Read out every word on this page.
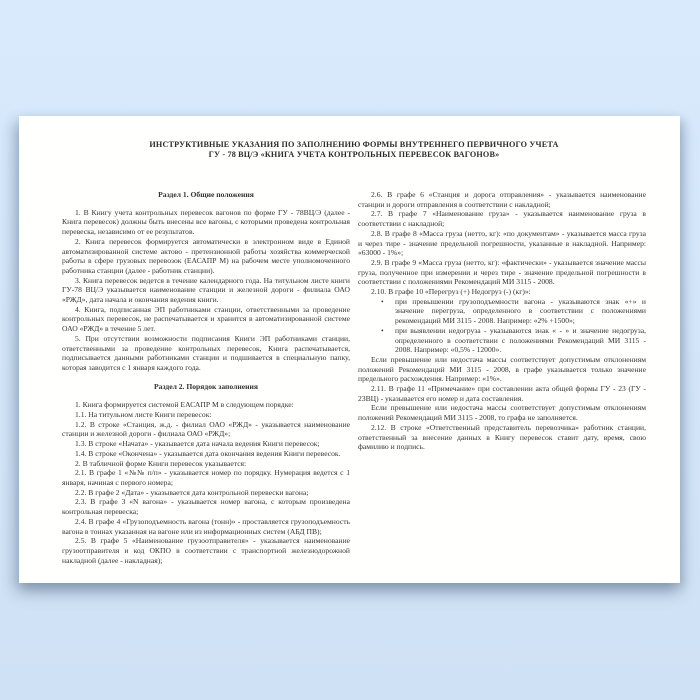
ИНСТРУКТИВНЫЕ УКАЗАНИЯ ПО ЗАПОЛНЕНИЮ ФОРМЫ ВНУТРЕННЕГО ПЕРВИЧНОГО УЧЕТА
ГУ - 78 ВЦ/Э «КНИГА УЧЕТА КОНТРОЛЬНЫХ ПЕРЕВЕСОК ВАГОНОВ»

Раздел 1. Общие положения

1. В Книгу учета контрольных перевесок вагонов по форме ГУ - 78ВЦ/Э (далее - Книга перевесок) должны быть внесены все вагоны, с которыми проведена контрольная перевеска, независимо от ее результатов.

2. Книга перевесок формируется автоматически в электронном виде в Единой автоматизированной системе актово - претензионной работы хозяйства коммерческой работы в сфере грузовых перевозок (ЕАСАПР М) на рабочем месте уполномоченного работника станции (далее - работник станции).

3. Книга перевесок ведется в течение календарного года. На титульном листе книги ГУ-78 ВЦ/Э указывается наименование станции и железной дороги - филиала ОАО «РЖД», дата начала и окончания ведения книги.

4. Книга, подписанная ЭП работниками станции, ответственными за проведение контрольных перевесок, не распечатывается и хранится в автоматизированной системе ОАО «РЖД» в течение 5 лет.

5. При отсутствии возможности подписания Книги ЭП работниками станции, ответственными за проведение контрольных перевесок, Книга распечатывается, подписывается данными работниками станции и подшивается в специальную папку, которая заводится с 1 января каждого года.

Раздел 2. Порядок заполнения

1. Книга формируется системой ЕАСАПР М в следующем порядке:

1.1. На титульном листе Книги перевесок:

1.2. В строке «Станция, ж.д. - филиал ОАО «РЖД» - указывается наименование станции и железной дороги - филиала ОАО «РЖД»;

1.3. В строке «Начата» - указывается дата начала ведения Книги перевесок;

1.4. В строке «Окончена» - указывается дата окончания ведения Книги перевесок.

2. В табличной форме Книги перевесок указывается:

2.1. В графе 1 «№№ п/п» - указывается номер по порядку. Нумерация ведется с 1 января, начиная с первого номера;

2.2. В графе 2 «Дата» - указывается дата контрольной перевески вагона;

2.3. В графе 3 «N вагона» - указывается номер вагона, с которым произведена контрольная перевеска;

2.4. В графе 4 «Грузоподъемность вагона (тонн)» - проставляется грузоподъемность вагона в тоннах указанная на вагоне или из информационных систем (АБД ПВ);

2.5. В графе 5 «Наименование грузоотправителя» - указывается наименование грузоотправителя и код ОКПО в соответствии с транспортной железнодорожной накладной (далее - накладная);

2.6. В графе 6 «Станция и дорога отправления» - указывается наименование станции и дороги отправления в соответствии с накладной;

2.7. В графе 7 «Наименование груза» - указывается наименование груза в соответствии с накладной;

2.8. В графе 8 «Масса груза (нетто, кг): «по документам» - указывается масса груза и через тире - значение предельной погрешности, указанные в накладной. Например: «63000 - 1%»;

2.9. В графе 9 «Масса груза (нетто, кг): «фактически» - указывается значение массы груза, полученное при измерении и через тире - значение предельной погрешности в соответствии с положениями Рекомендаций МИ 3115 - 2008.

2.10. В графе 10 «Перегруз (+) Недогруз (-) (кг)»:

•	при превышении грузоподъемности вагона - указываются знак «+» и значение перегруза, определенного в соответствии с положениями рекомендаций МИ 3115 - 2008. Например: «2% +1500»;
•	при выявлении недогруза - указываются знак « - » и значение недогруза, определенного в соответствии с положениями Рекомендаций МИ 3115 - 2008. Например: «0,5% - 12000».

Если превышение или недостача массы соответствует допустимым отклонениям положений Рекомендаций МИ 3115 - 2008, в графе указывается только значение предельного расхождения. Например: «1%».

2.11. В графе 11 «Примечание» при составлении акта общей формы ГУ - 23 (ГУ - 23ВЦ) - указывается его номер и дата составления.

Если превышение или недостача массы соответствует допустимым отклонениям положений Рекомендаций МИ 3115 - 2008, то графа не заполняется.

2.12. В строке «Ответственный представитель перевозчика» работник станции, ответственный за внесение данных в Книгу перевесок ставит дату, время, свою фамилию и подпись.
